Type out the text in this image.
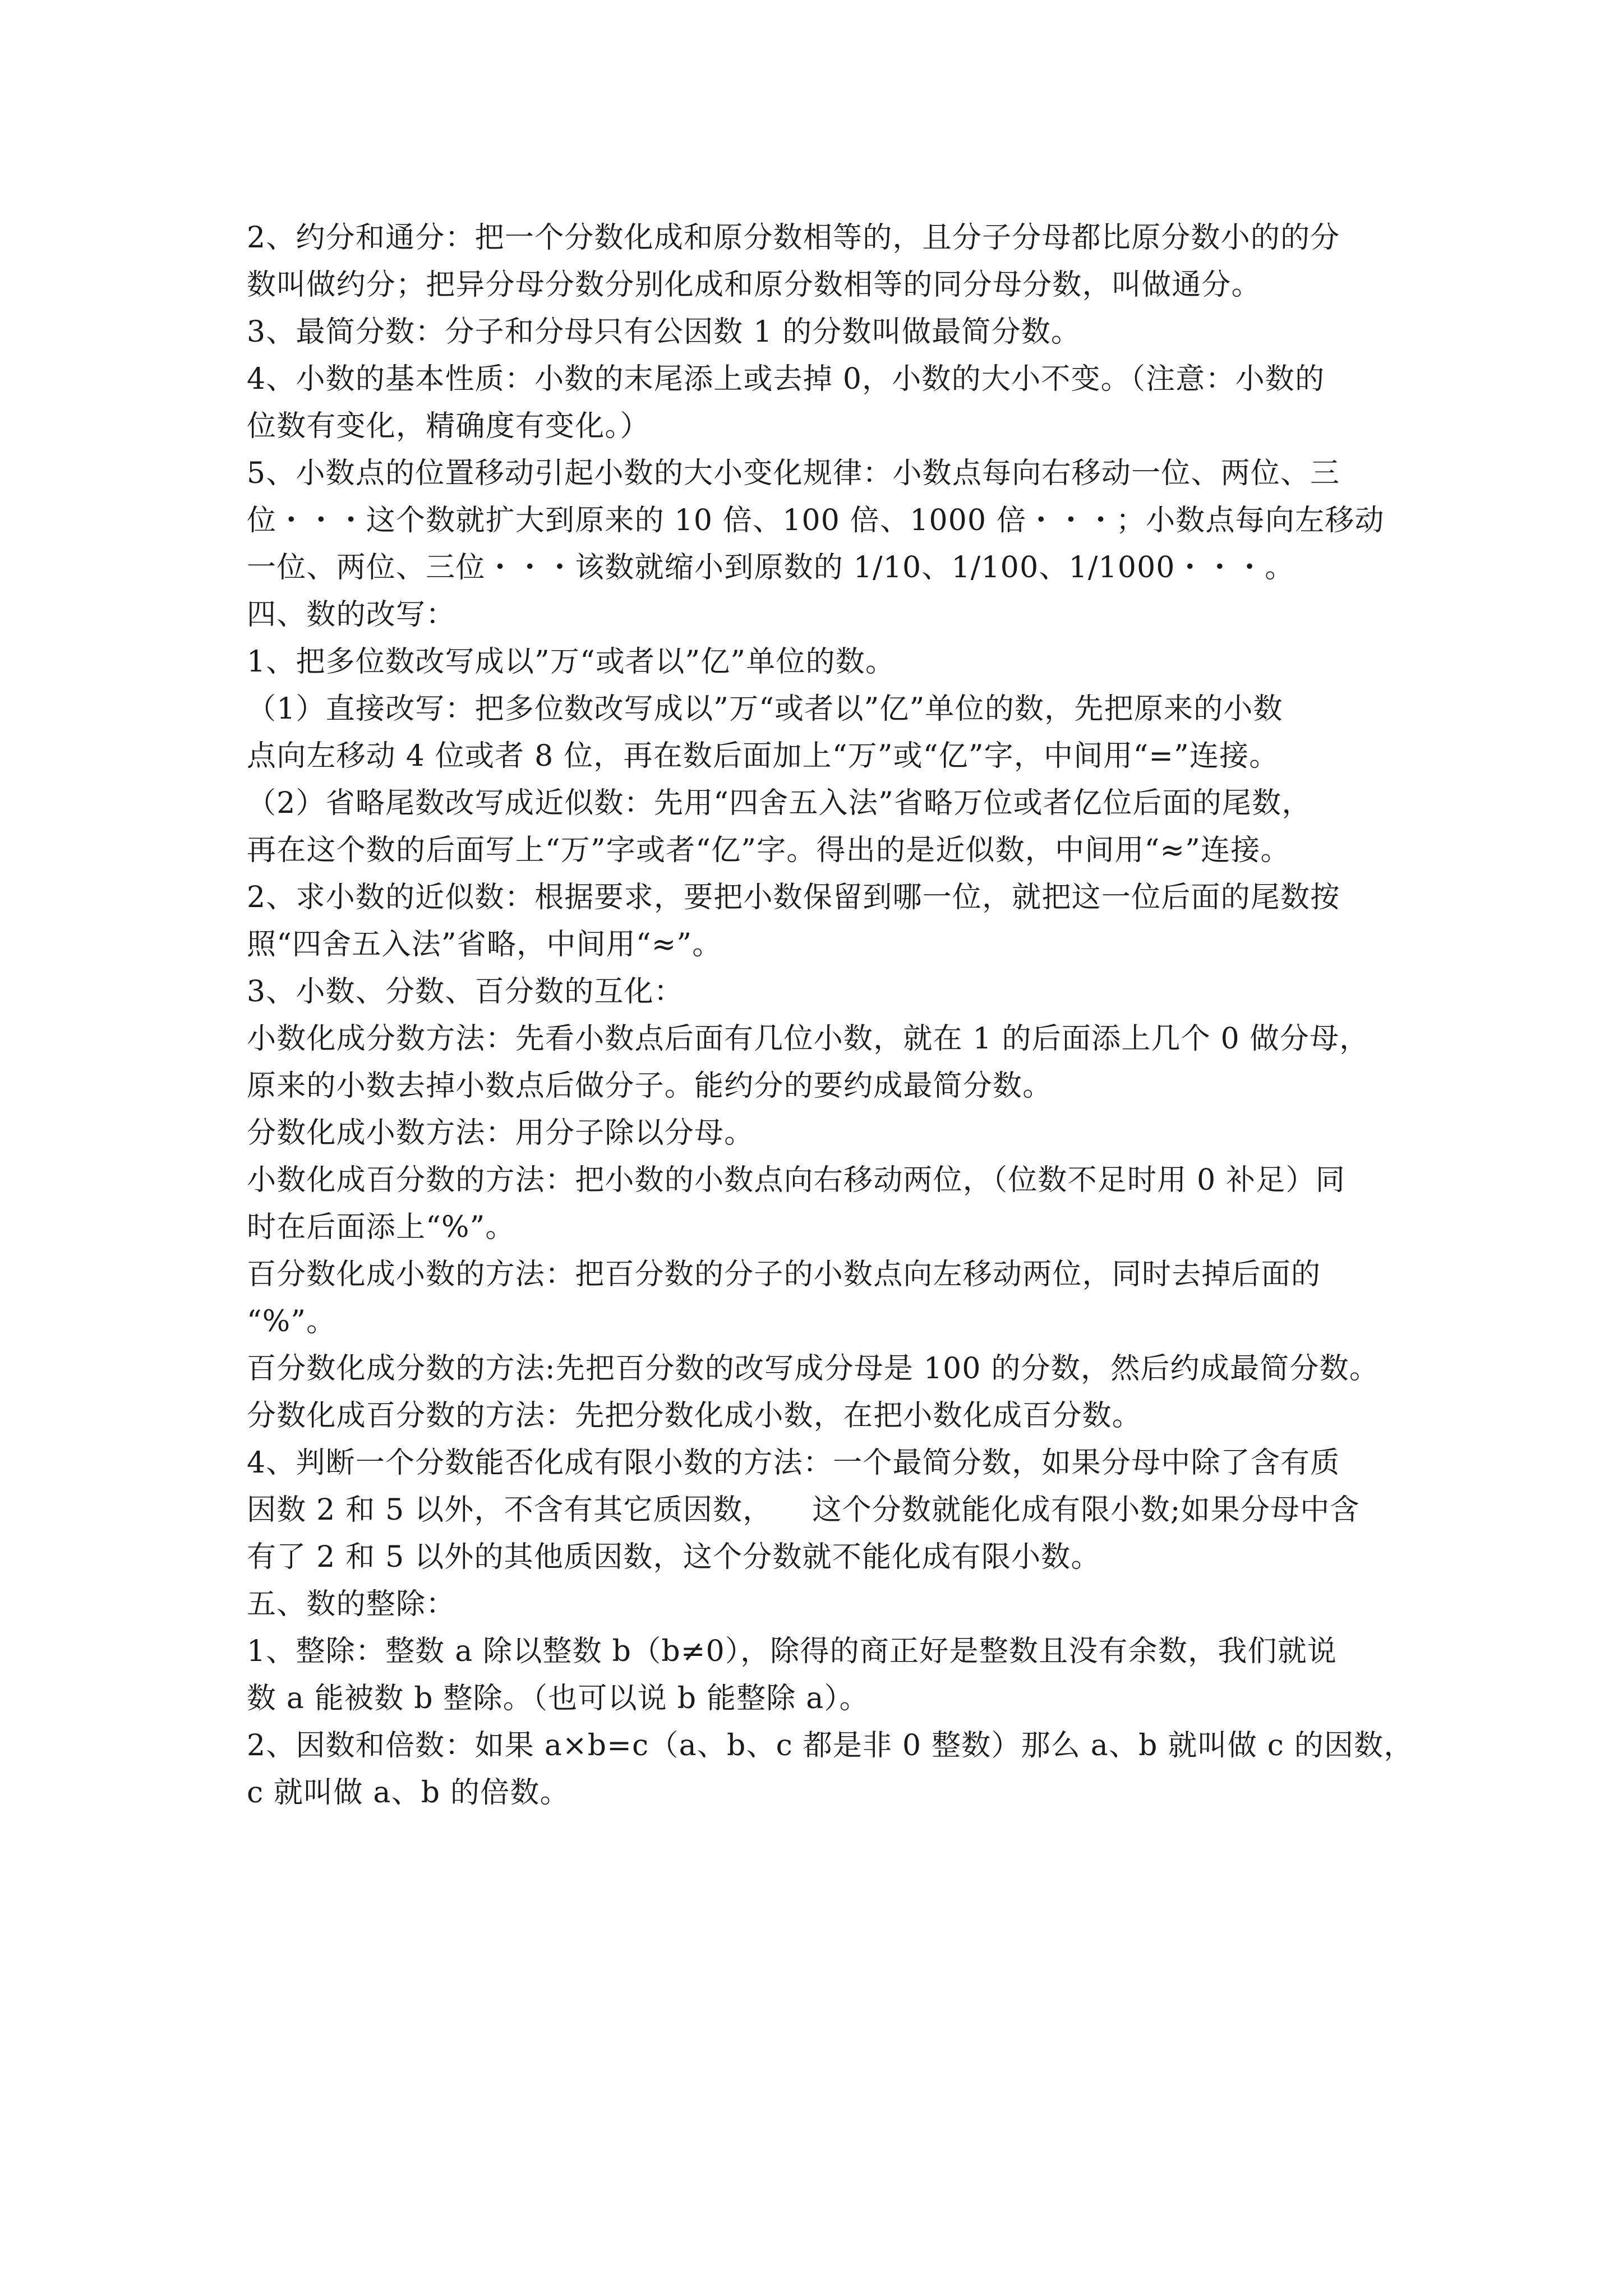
2、约分和通分：把一个分数化成和原分数相等的，且分子分母都比原分数小的的分
数叫做约分；把异分母分数分别化成和原分数相等的同分母分数，叫做通分。
3、最简分数：分子和分母只有公因数 1 的分数叫做最简分数。
4、小数的基本性质：小数的末尾添上或去掉 0，小数的大小不变。（注意：小数的
位数有变化，精确度有变化。）
5、小数点的位置移动引起小数的大小变化规律：小数点每向右移动一位、两位、三
位・・・这个数就扩大到原来的 10 倍、100 倍、1000 倍・・・；小数点每向左移动
一位、两位、三位・・・该数就缩小到原数的 1/10、1/100、1/1000・・・。
四、数的改写：
1、把多位数改写成以”万“或者以”亿”单位的数。
（1）直接改写：把多位数改写成以”万“或者以”亿”单位的数，先把原来的小数
点向左移动 4 位或者 8 位，再在数后面加上“万”或“亿”字，中间用“=”连接。
（2）省略尾数改写成近似数：先用“四舍五入法”省略万位或者亿位后面的尾数，
再在这个数的后面写上“万”字或者“亿”字。得出的是近似数，中间用“≈”连接。
2、求小数的近似数：根据要求，要把小数保留到哪一位，就把这一位后面的尾数按
照“四舍五入法”省略，中间用“≈”。
3、小数、分数、百分数的互化：
小数化成分数方法：先看小数点后面有几位小数，就在 1 的后面添上几个 0 做分母，
原来的小数去掉小数点后做分子。能约分的要约成最简分数。
分数化成小数方法：用分子除以分母。
小数化成百分数的方法：把小数的小数点向右移动两位，（位数不足时用 0 补足）同
时在后面添上“%”。
百分数化成小数的方法：把百分数的分子的小数点向左移动两位，同时去掉后面的
“%”。
百分数化成分数的方法:先把百分数的改写成分母是 100 的分数，然后约成最简分数。
分数化成百分数的方法：先把分数化成小数，在把小数化成百分数。
4、判断一个分数能否化成有限小数的方法：一个最简分数，如果分母中除了含有质
因数 2 和 5 以外，不含有其它质因数，    这个分数就能化成有限小数;如果分母中含
有了 2 和 5 以外的其他质因数，这个分数就不能化成有限小数。
五、数的整除：
1、整除：整数 a 除以整数 b（b≠0），除得的商正好是整数且没有余数，我们就说
数 a 能被数 b 整除。（也可以说 b 能整除 a）。
2、因数和倍数：如果 a×b=c（a、b、c 都是非 0 整数）那么 a、b 就叫做 c 的因数，
c 就叫做 a、b 的倍数。
